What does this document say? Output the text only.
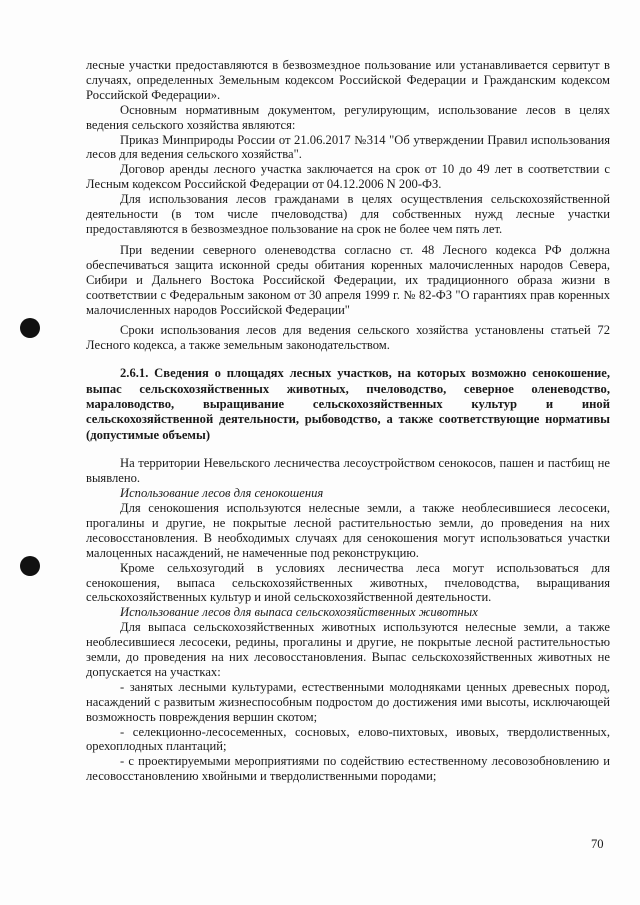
лесные участки предоставляются в безвозмездное пользование или устанавливается сервитут в случаях, определенных Земельным кодексом Российской Федерации и Гражданским кодексом Российской Федерации».

Основным нормативным документом, регулирующим, использование лесов в целях ведения сельского хозяйства являются:

Приказ Минприроды России от 21.06.2017 №314 "Об утверждении Правил использования лесов для ведения сельского хозяйства".

Договор аренды лесного участка заключается на срок от 10 до 49 лет в соответствии с Лесным кодексом Российской Федерации от 04.12.2006 N 200-ФЗ.

Для использования лесов гражданами в целях осуществления сельскохозяйственной деятельности (в том числе пчеловодства) для собственных нужд лесные участки предоставляются в безвозмездное пользование на срок не более чем пять лет.

При ведении северного оленеводства согласно ст. 48 Лесного кодекса РФ должна обеспечиваться защита исконной среды обитания коренных малочисленных народов Севера, Сибири и Дальнего Востока Российской Федерации, их традиционного образа жизни в соответствии с Федеральным законом от 30 апреля 1999 г. № 82-ФЗ "О гарантиях прав коренных малочисленных народов Российской Федерации"

Сроки использования лесов для ведения сельского хозяйства установлены статьей 72 Лесного кодекса, а также земельным законодательством.

2.6.1. Сведения о площадях лесных участков, на которых возможно сенокошение, выпас сельскохозяйственных животных, пчеловодство, северное оленеводство, мараловодство, выращивание сельскохозяйственных культур и иной сельскохозяйственной деятельности, рыбоводство, а также соответствующие нормативы (допустимые объемы)

На территории Невельского лесничества лесоустройством сенокосов, пашен и пастбищ не выявлено.

Использование лесов для сенокошения

Для сенокошения используются нелесные земли, а также необлесившиеся лесосеки, прогалины и другие, не покрытые лесной растительностью земли, до проведения на них лесовосстановления. В необходимых случаях для сенокошения могут использоваться участки малоценных насаждений, не намеченные под реконструкцию.

Кроме сельхозугодий в условиях лесничества леса могут использоваться для сенокошения, выпаса сельскохозяйственных животных, пчеловодства, выращивания сельскохозяйственных культур и иной сельскохозяйственной деятельности.

Использование лесов для выпаса сельскохозяйственных животных

Для выпаса сельскохозяйственных животных используются нелесные земли, а также необлесившиеся лесосеки, редины, прогалины и другие, не покрытые лесной растительностью земли, до проведения на них лесовосстановления. Выпас сельскохозяйственных животных не допускается на участках:

- занятых лесными культурами, естественными молодняками ценных древесных пород, насаждений с развитым жизнеспособным подростом до достижения ими высоты, исключающей возможность повреждения вершин скотом;

- селекционно-лесосеменных, сосновых, елово-пихтовых, ивовых, твердолиственных, орехоплодных плантаций;

- с проектируемыми мероприятиями по содействию естественному лесовозобновлению и лесовосстановлению хвойными и твердолиственными породами;

70
